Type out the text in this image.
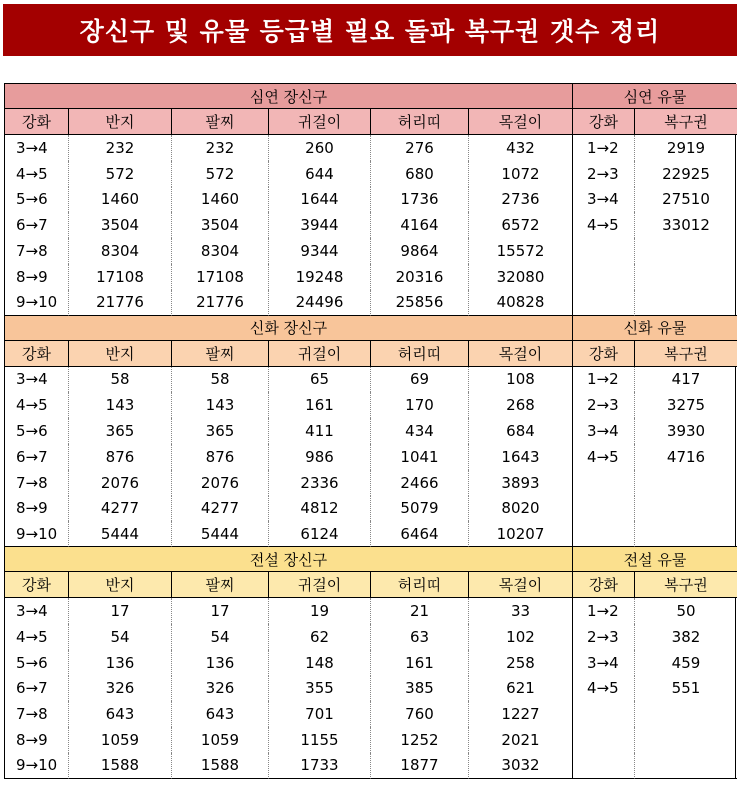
장신구 및 유물 등급별 필요 돌파 복구권 갯수 정리
심연 장신구	심연 유물
강화	반지	팔찌	귀걸이	허리띠	목걸이	강화	복구권
3→4	232	232	260	276	432	1→2	2919
4→5	572	572	644	680	1072	2→3	22925
5→6	1460	1460	1644	1736	2736	3→4	27510
6→7	3504	3504	3944	4164	6572	4→5	33012
7→8	8304	8304	9344	9864	15572
8→9	17108	17108	19248	20316	32080
9→10	21776	21776	24496	25856	40828
신화 장신구	신화 유물
강화	반지	팔찌	귀걸이	허리띠	목걸이	강화	복구권
3→4	58	58	65	69	108	1→2	417
4→5	143	143	161	170	268	2→3	3275
5→6	365	365	411	434	684	3→4	3930
6→7	876	876	986	1041	1643	4→5	4716
7→8	2076	2076	2336	2466	3893
8→9	4277	4277	4812	5079	8020
9→10	5444	5444	6124	6464	10207
전설 장신구	전설 유물
강화	반지	팔찌	귀걸이	허리띠	목걸이	강화	복구권
3→4	17	17	19	21	33	1→2	50
4→5	54	54	62	63	102	2→3	382
5→6	136	136	148	161	258	3→4	459
6→7	326	326	355	385	621	4→5	551
7→8	643	643	701	760	1227
8→9	1059	1059	1155	1252	2021
9→10	1588	1588	1733	1877	3032
